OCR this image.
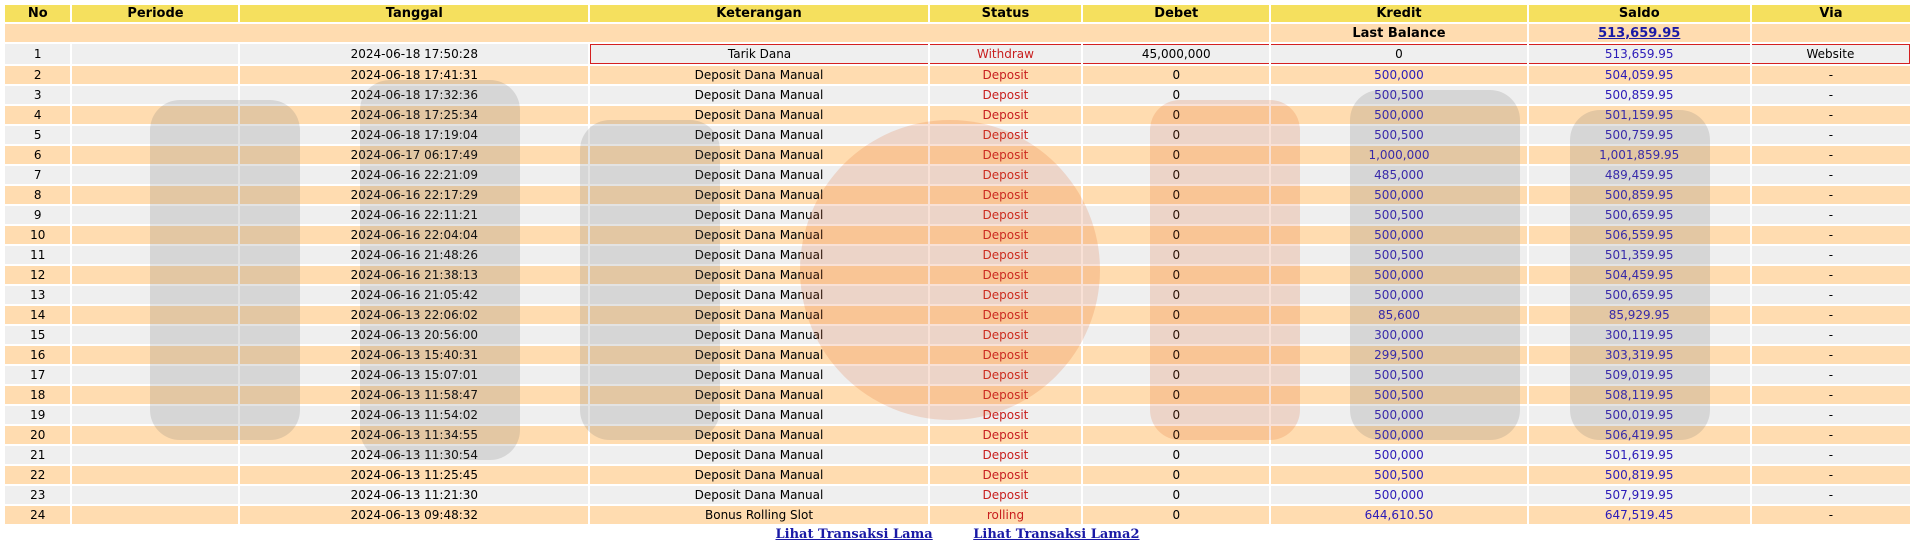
No	Periode	Tanggal	Keterangan	Status	Debet	Kredit	Saldo	Via
						Last Balance	513,659.95	
1		2024-06-18 17:50:28	Tarik Dana	Withdraw	45,000,000	0	513,659.95	Website
2		2024-06-18 17:41:31	Deposit Dana Manual	Deposit	0	500,000	504,059.95	-
3		2024-06-18 17:32:36	Deposit Dana Manual	Deposit	0	500,500	500,859.95	-
4		2024-06-18 17:25:34	Deposit Dana Manual	Deposit	0	500,000	501,159.95	-
5		2024-06-18 17:19:04	Deposit Dana Manual	Deposit	0	500,500	500,759.95	-
6		2024-06-17 06:17:49	Deposit Dana Manual	Deposit	0	1,000,000	1,001,859.95	-
7		2024-06-16 22:21:09	Deposit Dana Manual	Deposit	0	485,000	489,459.95	-
8		2024-06-16 22:17:29	Deposit Dana Manual	Deposit	0	500,000	500,859.95	-
9		2024-06-16 22:11:21	Deposit Dana Manual	Deposit	0	500,500	500,659.95	-
10		2024-06-16 22:04:04	Deposit Dana Manual	Deposit	0	500,000	506,559.95	-
11		2024-06-16 21:48:26	Deposit Dana Manual	Deposit	0	500,500	501,359.95	-
12		2024-06-16 21:38:13	Deposit Dana Manual	Deposit	0	500,000	504,459.95	-
13		2024-06-16 21:05:42	Deposit Dana Manual	Deposit	0	500,000	500,659.95	-
14		2024-06-13 22:06:02	Deposit Dana Manual	Deposit	0	85,600	85,929.95	-
15		2024-06-13 20:56:00	Deposit Dana Manual	Deposit	0	300,000	300,119.95	-
16		2024-06-13 15:40:31	Deposit Dana Manual	Deposit	0	299,500	303,319.95	-
17		2024-06-13 15:07:01	Deposit Dana Manual	Deposit	0	500,500	509,019.95	-
18		2024-06-13 11:58:47	Deposit Dana Manual	Deposit	0	500,500	508,119.95	-
19		2024-06-13 11:54:02	Deposit Dana Manual	Deposit	0	500,000	500,019.95	-
20		2024-06-13 11:34:55	Deposit Dana Manual	Deposit	0	500,000	506,419.95	-
21		2024-06-13 11:30:54	Deposit Dana Manual	Deposit	0	500,000	501,619.95	-
22		2024-06-13 11:25:45	Deposit Dana Manual	Deposit	0	500,500	500,819.95	-
23		2024-06-13 11:21:30	Deposit Dana Manual	Deposit	0	500,000	507,919.95	-
24		2024-06-13 09:48:32	Bonus Rolling Slot	rolling	0	644,610.50	647,519.45	-
Lihat Transaksi Lama	Lihat Transaksi Lama2
